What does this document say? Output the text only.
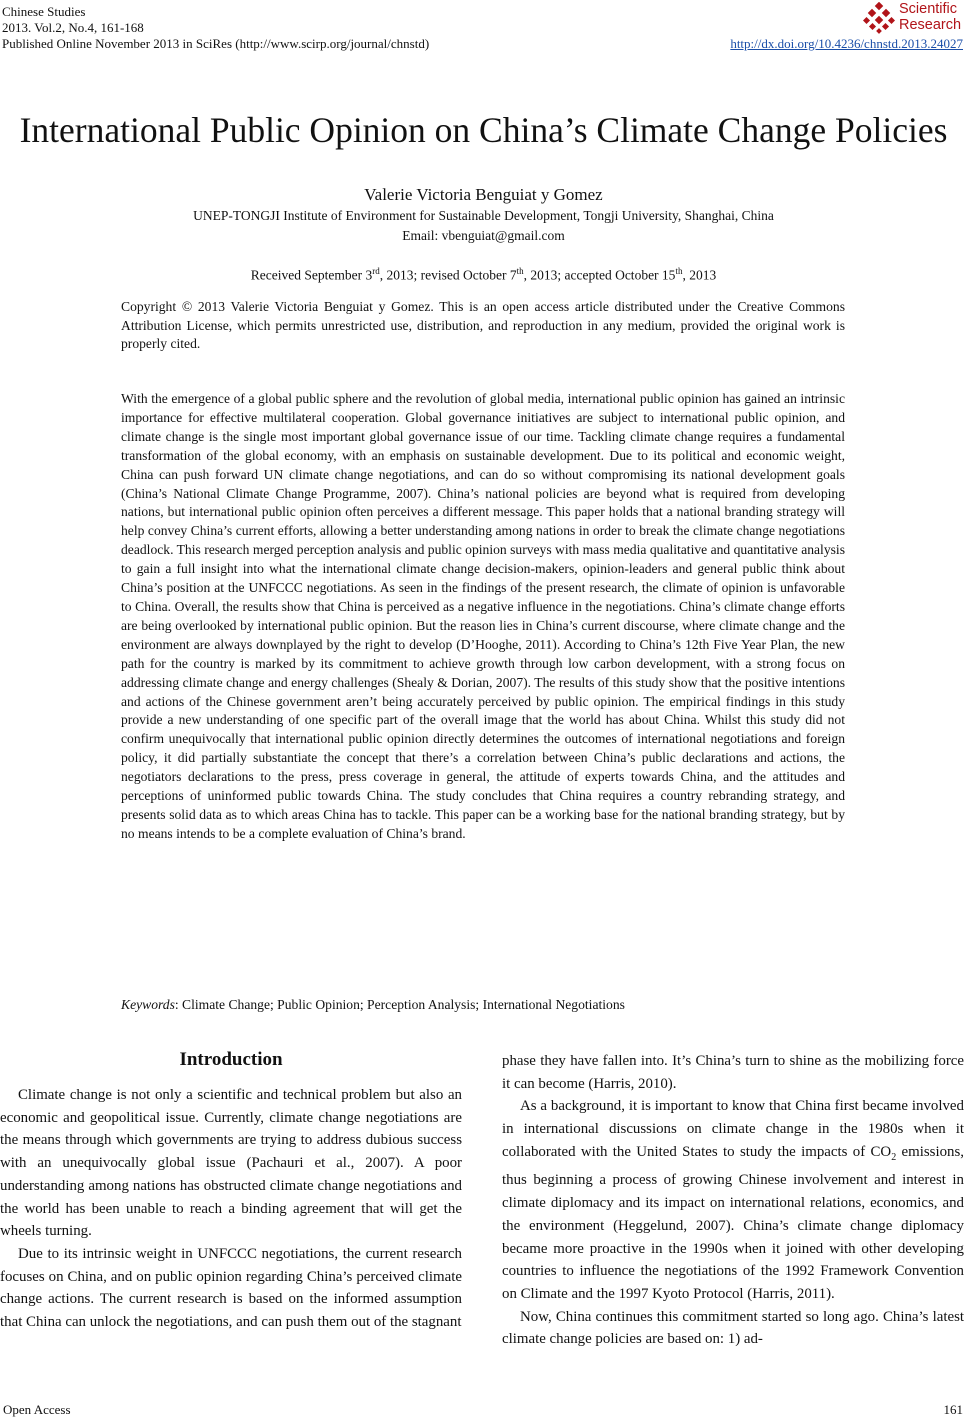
Chinese Studies
2013. Vol.2, No.4, 161-168
Published Online November 2013 in SciRes (http://www.scirp.org/journal/chnstd)
Scientific
Research
http://dx.doi.org/10.4236/chnstd.2013.24027
International Public Opinion on China’s Climate Change Policies
Valerie Victoria Benguiat y Gomez
UNEP-TONGJI Institute of Environment for Sustainable Development, Tongji University, Shanghai, China
Email: vbenguiat@gmail.com
Received September 3rd, 2013; revised October 7th, 2013; accepted October 15th, 2013
Copyright © 2013 Valerie Victoria Benguiat y Gomez. This is an open access article distributed under the Creative Commons Attribution License, which permits unrestricted use, distribution, and reproduction in any medium, provided the original work is properly cited.
With the emergence of a global public sphere and the revolution of global media, international public opinion has gained an intrinsic importance for effective multilateral cooperation. Global governance initiatives are subject to international public opinion, and climate change is the single most important global governance issue of our time. Tackling climate change requires a fundamental transformation of the global economy, with an emphasis on sustainable development. Due to its political and economic weight, China can push forward UN climate change negotiations, and can do so without compromising its national development goals (China’s National Climate Change Programme, 2007). China’s national policies are beyond what is required from developing nations, but international public opinion often perceives a different message. This paper holds that a national branding strategy will help convey China’s current efforts, allowing a better understanding among nations in order to break the climate change negotiations deadlock. This research merged perception analysis and public opinion surveys with mass media qualitative and quantitative analysis to gain a full insight into what the international climate change decision-makers, opinion-leaders and general public think about China’s position at the UNFCCC negotiations. As seen in the findings of the present research, the climate of opinion is unfavorable to China. Overall, the results show that China is perceived as a negative influence in the negotiations. China’s climate change efforts are being overlooked by international public opinion. But the reason lies in China’s current discourse, where climate change and the environment are always downplayed by the right to develop (D’Hooghe, 2011). According to China’s 12th Five Year Plan, the new path for the country is marked by its commitment to achieve growth through low carbon development, with a strong focus on addressing climate change and energy challenges (Shealy & Dorian, 2007). The results of this study show that the positive intentions and actions of the Chinese government aren’t being accurately perceived by public opinion. The empirical findings in this study provide a new understanding of one specific part of the overall image that the world has about China. Whilst this study did not confirm unequivocally that international public opinion directly determines the outcomes of international negotiations and foreign policy, it did partially substantiate the concept that there’s a correlation between China’s public declarations and actions, the negotiators declarations to the press, press coverage in general, the attitude of experts towards China, and the attitudes and perceptions of uninformed public towards China. The study concludes that China requires a country rebranding strategy, and presents solid data as to which areas China has to tackle. This paper can be a working base for the national branding strategy, but by no means intends to be a complete evaluation of China’s brand.
Keywords: Climate Change; Public Opinion; Perception Analysis; International Negotiations
Introduction

Climate change is not only a scientific and technical problem but also an economic and geopolitical issue. Currently, climate change negotiations are the means through which governments are trying to address dubious success with an unequivocally global issue (Pachauri et al., 2007). A poor understanding among nations has obstructed climate change negotiations and the world has been unable to reach a binding agreement that will get the wheels turning.

Due to its intrinsic weight in UNFCCC negotiations, the current research focuses on China, and on public opinion regarding China’s perceived climate change actions. The current research is based on the informed assumption that China can unlock the negotiations, and can push them out of the stagnant

phase they have fallen into. It’s China’s turn to shine as the mobilizing force it can become (Harris, 2010).

As a background, it is important to know that China first became involved in international discussions on climate change in the 1980s when it collaborated with the United States to study the impacts of $CO_2$ emissions, thus beginning a process of growing Chinese involvement and interest in climate diplomacy and its impact on international relations, economics, and the environment (Heggelund, 2007). China’s climate change diplomacy became more proactive in the 1990s when it joined with other developing countries to influence the negotiations of the 1992 Framework Convention on Climate and the 1997 Kyoto Protocol (Harris, 2011).

Now, China continues this commitment started so long ago. China’s latest climate change policies are based on: 1) ad-

Open Access	161
